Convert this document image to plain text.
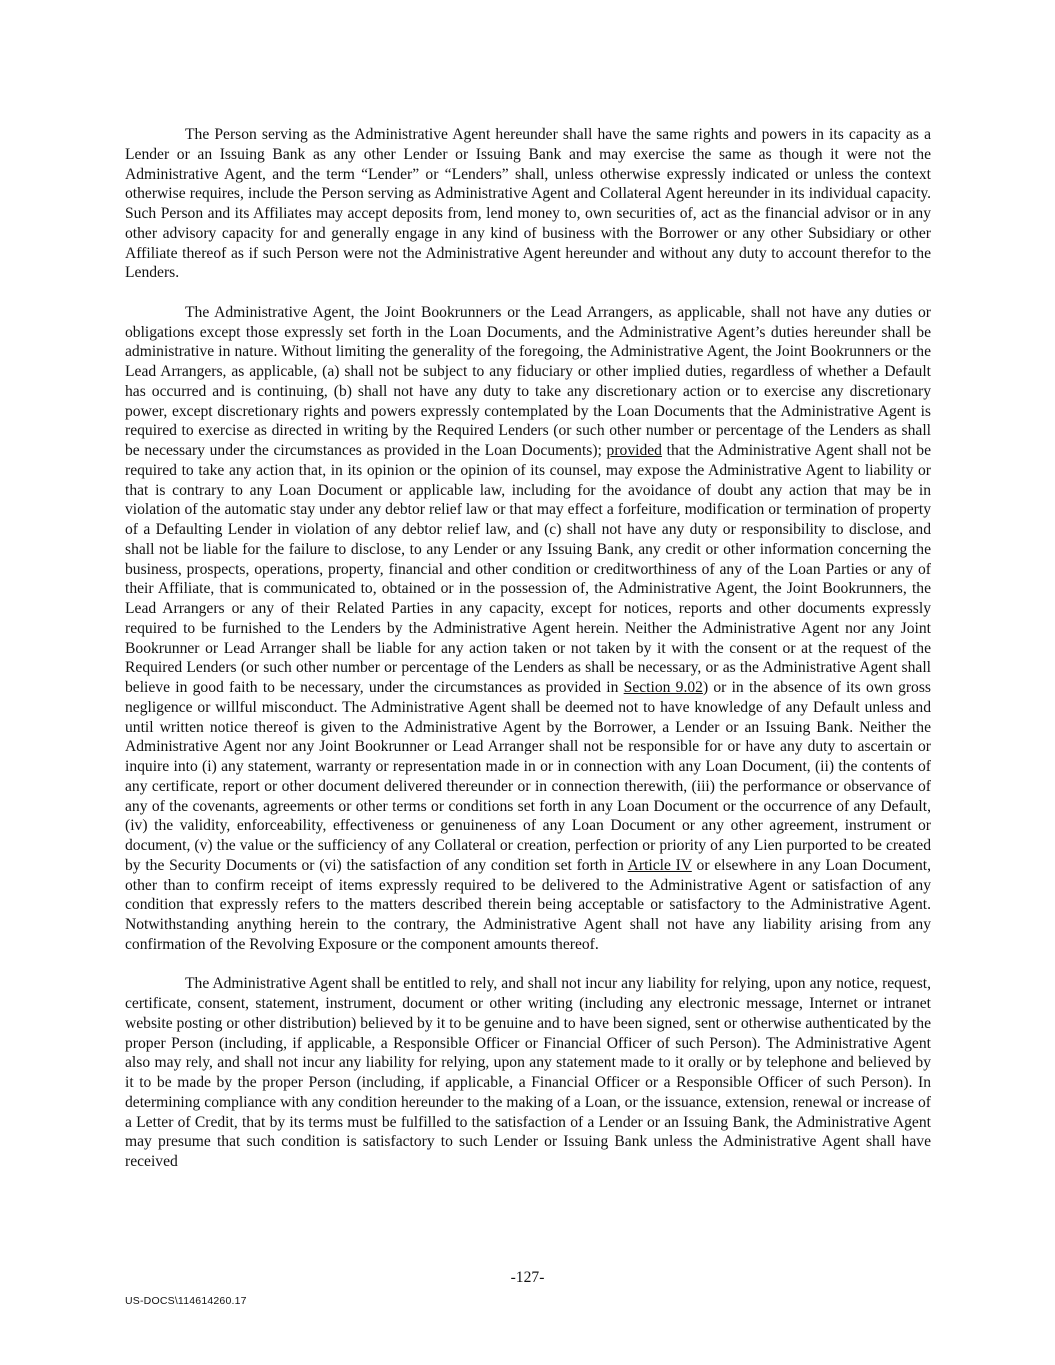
The Person serving as the Administrative Agent hereunder shall have the same rights and powers in its capacity as a Lender or an Issuing Bank as any other Lender or Issuing Bank and may exercise the same as though it were not the Administrative Agent, and the term “Lender” or “Lenders” shall, unless otherwise expressly indicated or unless the context otherwise requires, include the Person serving as Administrative Agent and Collateral Agent hereunder in its individual capacity. Such Person and its Affiliates may accept deposits from, lend money to, own securities of, act as the financial advisor or in any other advisory capacity for and generally engage in any kind of business with the Borrower or any other Subsidiary or other Affiliate thereof as if such Person were not the Administrative Agent hereunder and without any duty to account therefor to the Lenders.

The Administrative Agent, the Joint Bookrunners or the Lead Arrangers, as applicable, shall not have any duties or obligations except those expressly set forth in the Loan Documents, and the Administrative Agent’s duties hereunder shall be administrative in nature. Without limiting the generality of the foregoing, the Administrative Agent, the Joint Bookrunners or the Lead Arrangers, as applicable, (a) shall not be subject to any fiduciary or other implied duties, regardless of whether a Default has occurred and is continuing, (b) shall not have any duty to take any discretionary action or to exercise any discretionary power, except discretionary rights and powers expressly contemplated by the Loan Documents that the Administrative Agent is required to exercise as directed in writing by the Required Lenders (or such other number or percentage of the Lenders as shall be necessary under the circumstances as provided in the Loan Documents); provided that the Administrative Agent shall not be required to take any action that, in its opinion or the opinion of its counsel, may expose the Administrative Agent to liability or that is contrary to any Loan Document or applicable law, including for the avoidance of doubt any action that may be in violation of the automatic stay under any debtor relief law or that may effect a forfeiture, modification or termination of property of a Defaulting Lender in violation of any debtor relief law, and (c) shall not have any duty or responsibility to disclose, and shall not be liable for the failure to disclose, to any Lender or any Issuing Bank, any credit or other information concerning the business, prospects, operations, property, financial and other condition or creditworthiness of any of the Loan Parties or any of their Affiliate, that is communicated to, obtained or in the possession of, the Administrative Agent, the Joint Bookrunners, the Lead Arrangers or any of their Related Parties in any capacity, except for notices, reports and other documents expressly required to be furnished to the Lenders by the Administrative Agent herein. Neither the Administrative Agent nor any Joint Bookrunner or Lead Arranger shall be liable for any action taken or not taken by it with the consent or at the request of the Required Lenders (or such other number or percentage of the Lenders as shall be necessary, or as the Administrative Agent shall believe in good faith to be necessary, under the circumstances as provided in Section 9.02) or in the absence of its own gross negligence or willful misconduct. The Administrative Agent shall be deemed not to have knowledge of any Default unless and until written notice thereof is given to the Administrative Agent by the Borrower, a Lender or an Issuing Bank. Neither the Administrative Agent nor any Joint Bookrunner or Lead Arranger shall not be responsible for or have any duty to ascertain or inquire into (i) any statement, warranty or representation made in or in connection with any Loan Document, (ii) the contents of any certificate, report or other document delivered thereunder or in connection therewith, (iii) the performance or observance of any of the covenants, agreements or other terms or conditions set forth in any Loan Document or the occurrence of any Default, (iv) the validity, enforceability, effectiveness or genuineness of any Loan Document or any other agreement, instrument or document, (v) the value or the sufficiency of any Collateral or creation, perfection or priority of any Lien purported to be created by the Security Documents or (vi) the satisfaction of any condition set forth in Article IV or elsewhere in any Loan Document, other than to confirm receipt of items expressly required to be delivered to the Administrative Agent or satisfaction of any condition that expressly refers to the matters described therein being acceptable or satisfactory to the Administrative Agent. Notwithstanding anything herein to the contrary, the Administrative Agent shall not have any liability arising from any confirmation of the Revolving Exposure or the component amounts thereof.

The Administrative Agent shall be entitled to rely, and shall not incur any liability for relying, upon any notice, request, certificate, consent, statement, instrument, document or other writing (including any electronic message, Internet or intranet website posting or other distribution) believed by it to be genuine and to have been signed, sent or otherwise authenticated by the proper Person (including, if applicable, a Responsible Officer or Financial Officer of such Person). The Administrative Agent also may rely, and shall not incur any liability for relying, upon any statement made to it orally or by telephone and believed by it to be made by the proper Person (including, if applicable, a Financial Officer or a Responsible Officer of such Person). In determining compliance with any condition hereunder to the making of a Loan, or the issuance, extension, renewal or increase of a Letter of Credit, that by its terms must be fulfilled to the satisfaction of a Lender or an Issuing Bank, the Administrative Agent may presume that such condition is satisfactory to such Lender or Issuing Bank unless the Administrative Agent shall have received

-127-
US-DOCS\114614260.17
